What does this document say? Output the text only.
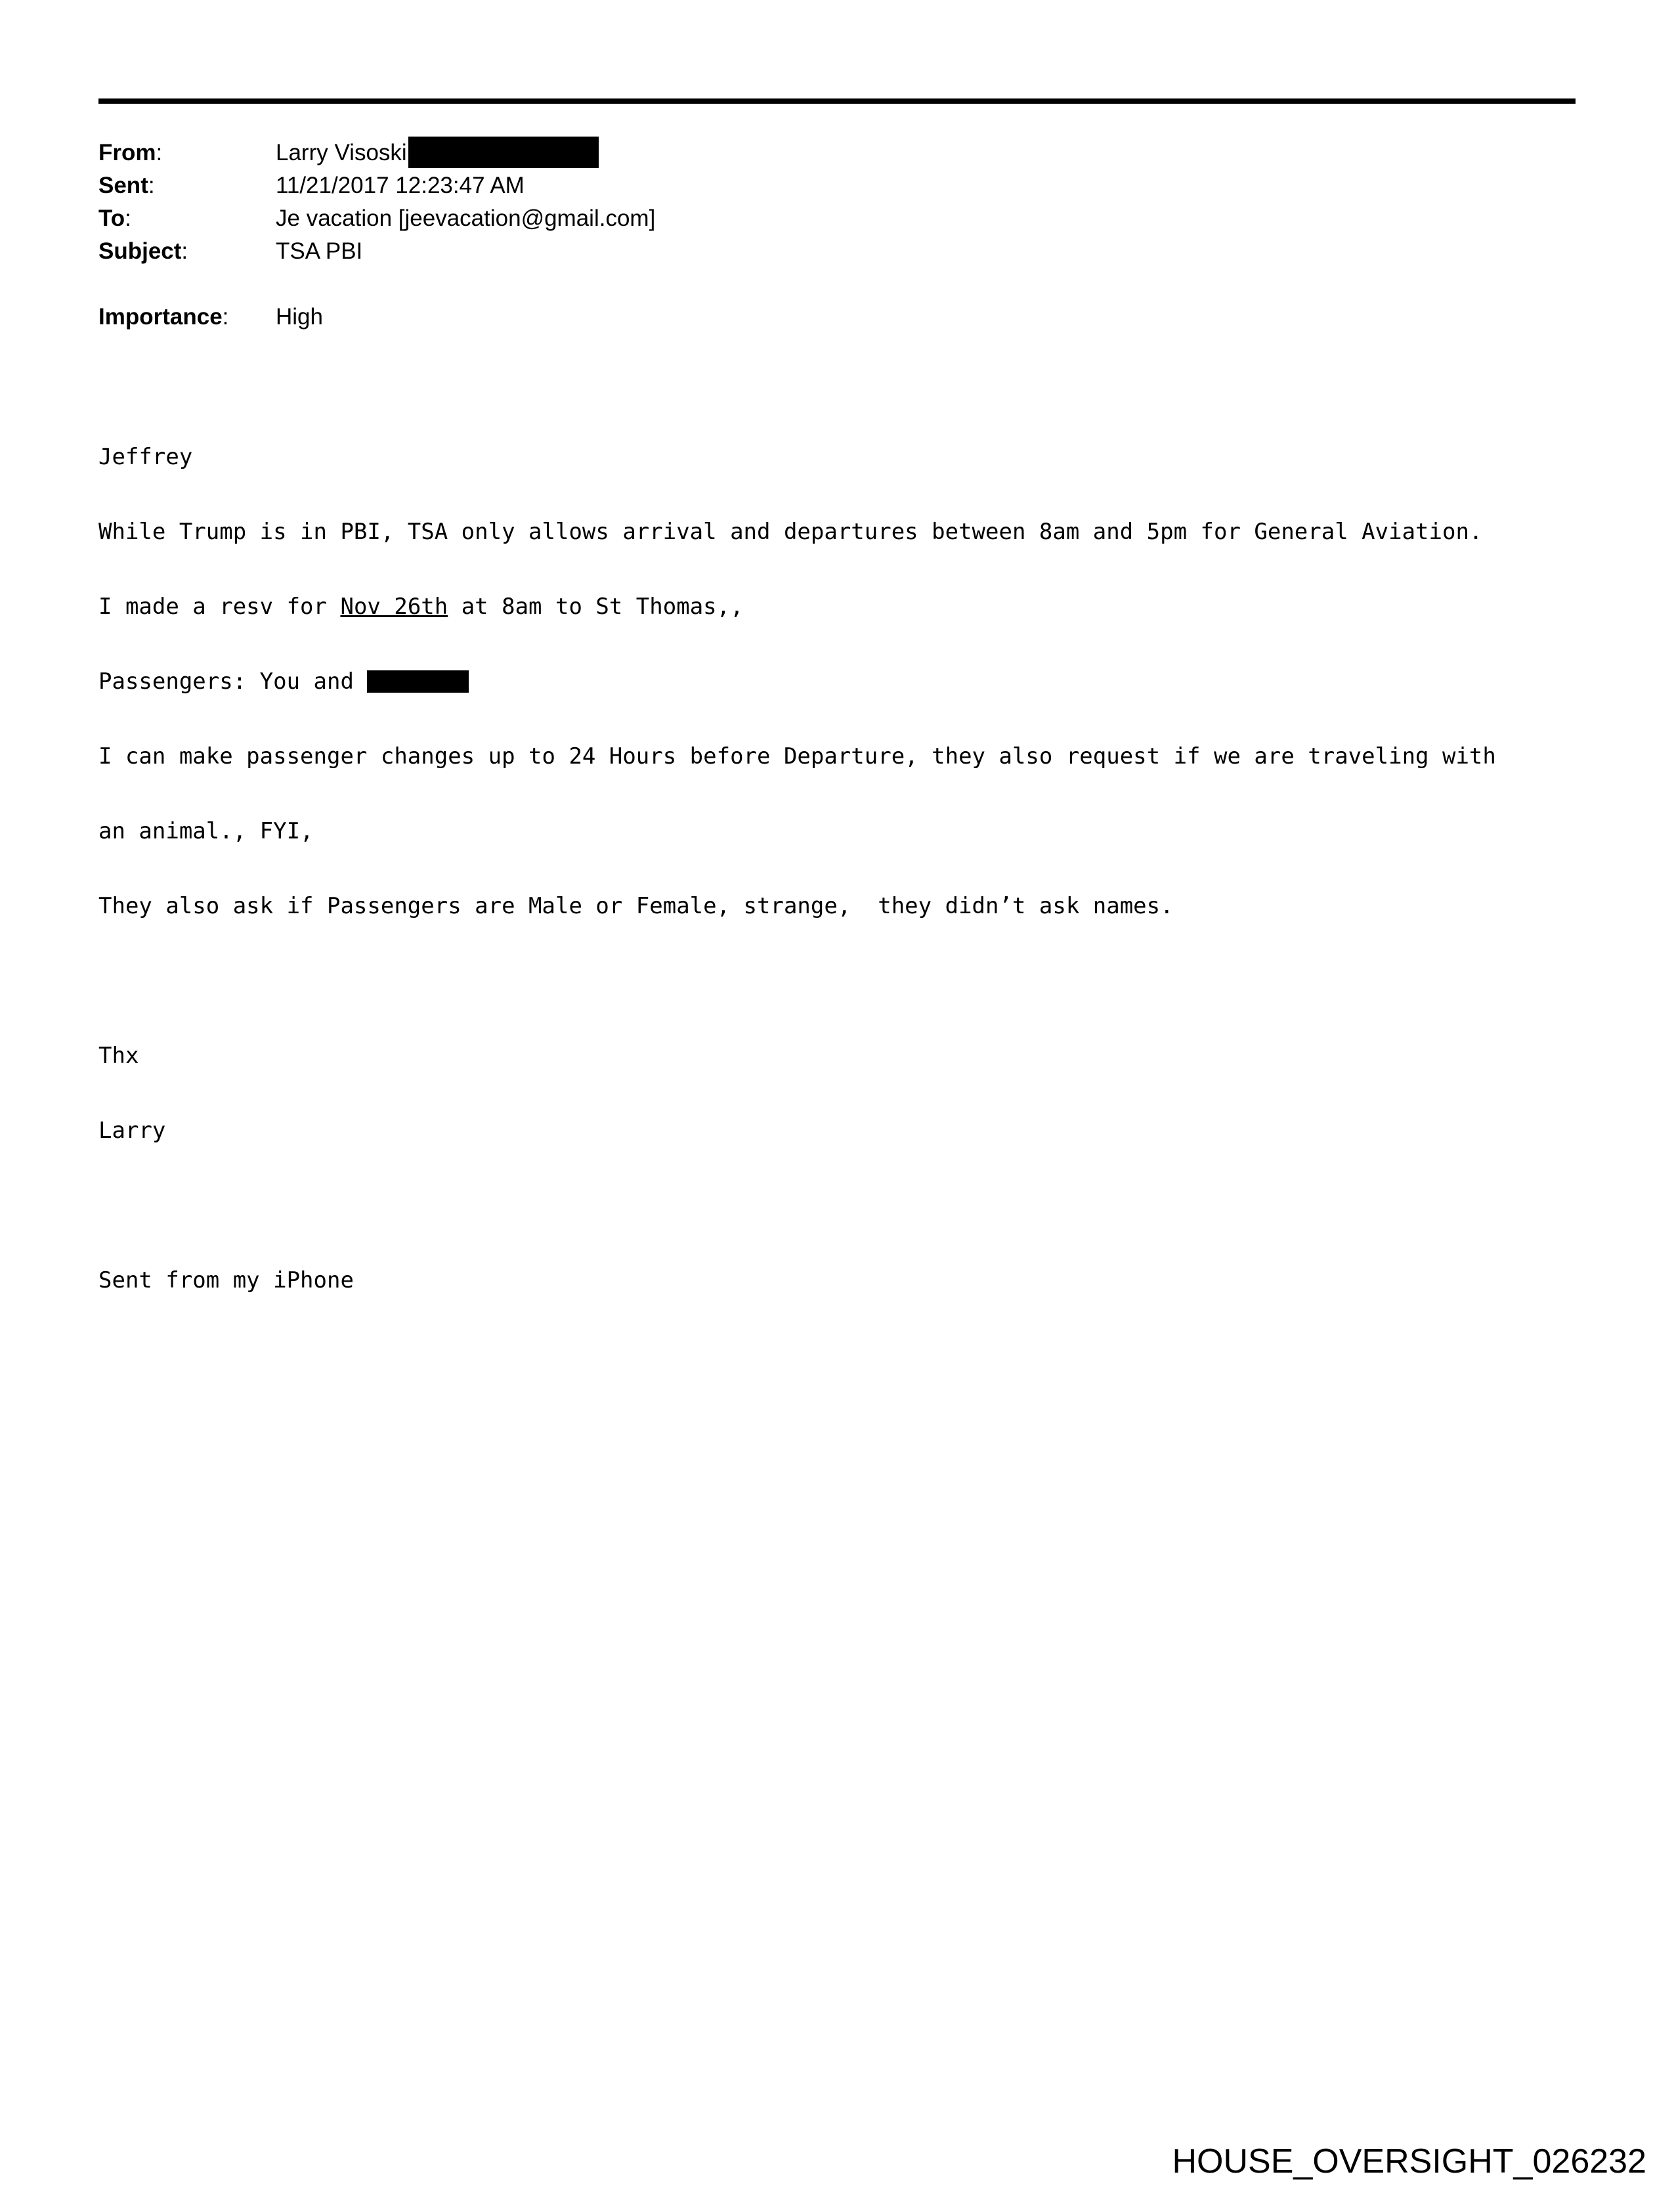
From:	Larry Visoski
Sent:	11/21/2017 12:23:47 AM
To:	Je vacation [jeevacation@gmail.com]
Subject:	TSA PBI
Importance: High

Jeffrey

While Trump is in PBI, TSA only allows arrival and departures between 8am and 5pm for General Aviation.

I made a resv for Nov 26th at 8am to St Thomas,,

Passengers: You and

I can make passenger changes up to 24 Hours before Departure, they also request if we are traveling with

an animal., FYI,

They also ask if Passengers are Male or Female, strange,  they didn’t ask names.

Thx

Larry

Sent from my iPhone

HOUSE_OVERSIGHT_026232
